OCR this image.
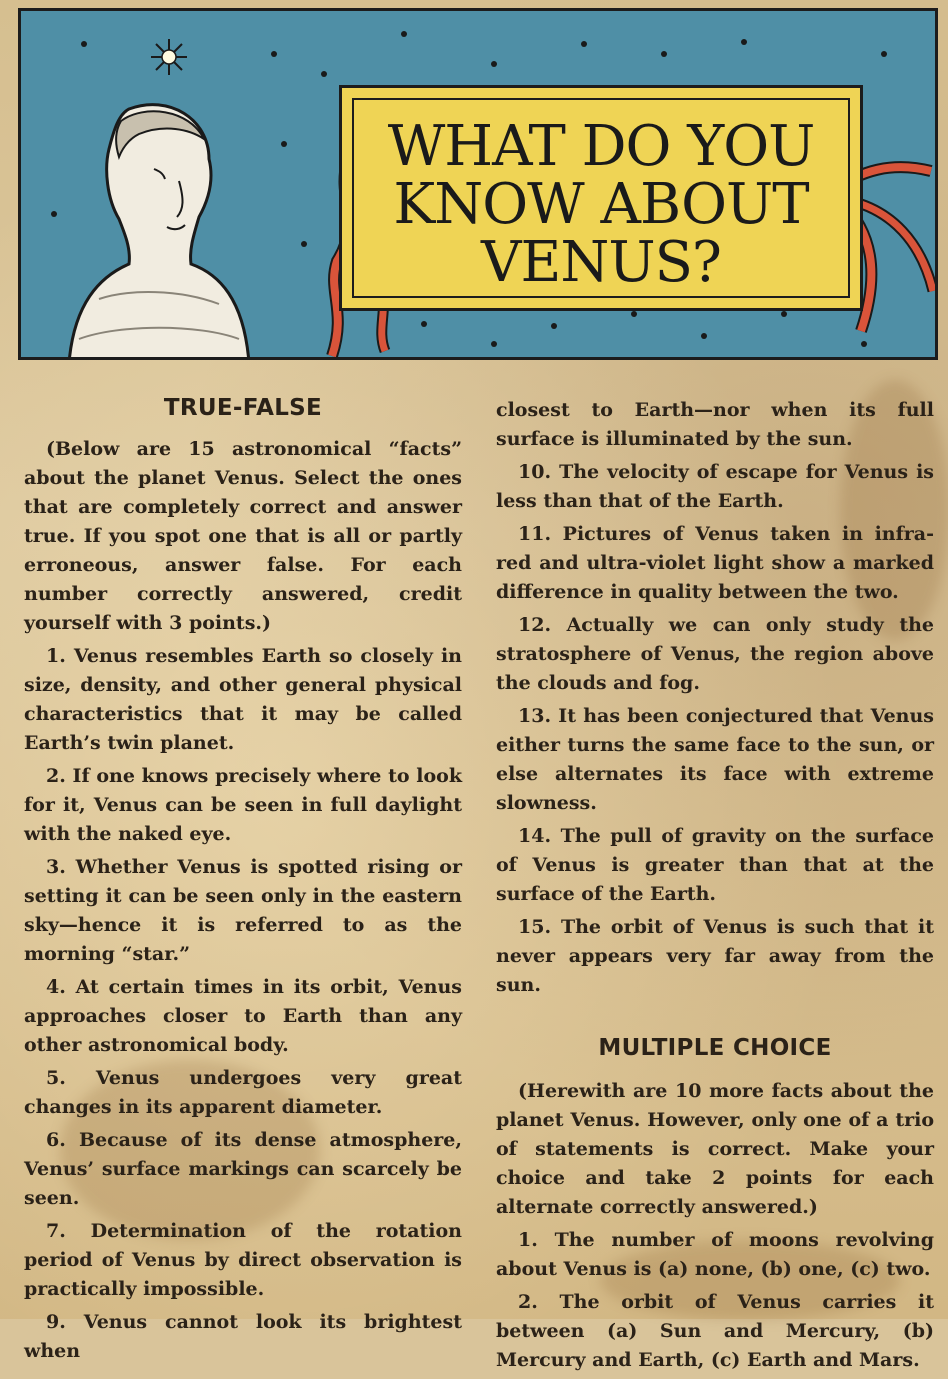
WHAT DO YOU
KNOW ABOUT
VENUS?
TRUE-FALSE

(Below are 15 astronomical “facts” about the planet Venus. Select the ones that are completely correct and answer true. If you spot one that is all or partly erroneous, answer false. For each number correctly answered, credit yourself with 3 points.)

1. Venus resembles Earth so closely in size, density, and other general physical characteristics that it may be called Earth’s twin planet.

2. If one knows precisely where to look for it, Venus can be seen in full daylight with the naked eye.

3. Whether Venus is spotted rising or setting it can be seen only in the eastern sky—hence it is referred to as the morning “star.”

4. At certain times in its orbit, Venus approaches closer to Earth than any other astronomical body.

5. Venus undergoes very great changes in its apparent diameter.

6. Because of its dense atmosphere, Venus’ surface markings can scarcely be seen.

7. Determination of the rotation period of Venus by direct observation is practically impossible.

9. Venus cannot look its brightest when

closest to Earth—nor when its full surface is illuminated by the sun.

10. The velocity of escape for Venus is less than that of the Earth.

11. Pictures of Venus taken in infra-red and ultra-violet light show a marked difference in quality between the two.

12. Actually we can only study the stratosphere of Venus, the region above the clouds and fog.

13. It has been conjectured that Venus either turns the same face to the sun, or else alternates its face with extreme slowness.

14. The pull of gravity on the surface of Venus is greater than that at the surface of the Earth.

15. The orbit of Venus is such that it never appears very far away from the sun.

MULTIPLE CHOICE

(Herewith are 10 more facts about the planet Venus. However, only one of a trio of statements is correct. Make your choice and take 2 points for each alternate correctly answered.)

1. The number of moons revolving about Venus is (a) none, (b) one, (c) two.

2. The orbit of Venus carries it between (a) Sun and Mercury, (b) Mercury and Earth, (c) Earth and Mars.
